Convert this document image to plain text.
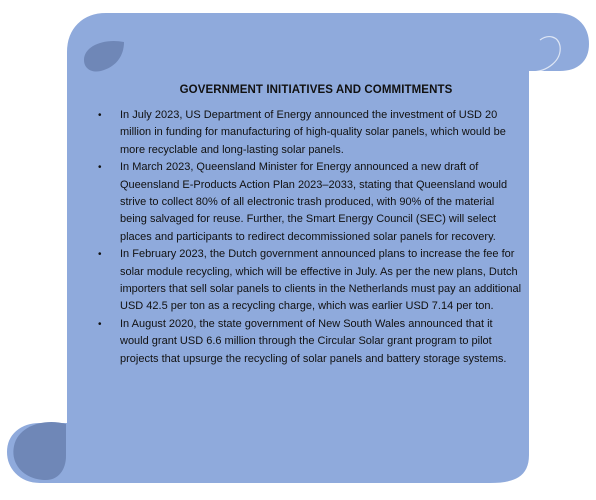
GOVERNMENT INITIATIVES AND COMMITMENTS
• In July 2023, US Department of Energy announced the investment of USD 20 million in funding for manufacturing of high-quality solar panels, which would be more recyclable and long-lasting solar panels.
• In March 2023, Queensland Minister for Energy announced a new draft of Queensland E-Products Action Plan 2023–2033, stating that Queensland would strive to collect 80% of all electronic trash produced, with 90% of the material being salvaged for reuse. Further, the Smart Energy Council (SEC) will select places and participants to redirect decommissioned solar panels for recovery.
• In February 2023, the Dutch government announced plans to increase the fee for solar module recycling, which will be effective in July. As per the new plans, Dutch importers that sell solar panels to clients in the Netherlands must pay an additional USD 42.5 per ton as a recycling charge, which was earlier USD 7.14 per ton.
• In August 2020, the state government of New South Wales announced that it would grant USD 6.6 million through the Circular Solar grant program to pilot projects that upsurge the recycling of solar panels and battery storage systems.
